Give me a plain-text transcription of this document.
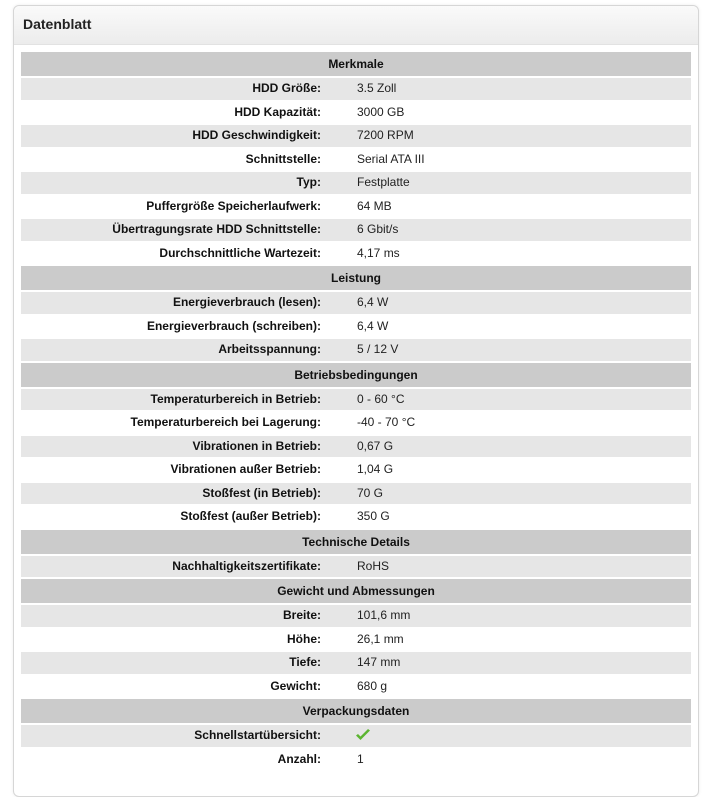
Datenblatt
Merkmale
HDD Größe:	3.5 Zoll
HDD Kapazität:	3000 GB
HDD Geschwindigkeit:	7200 RPM
Schnittstelle:	Serial ATA III
Typ:	Festplatte
Puffergröße Speicherlaufwerk:	64 MB
Übertragungsrate HDD Schnittstelle:	6 Gbit/s
Durchschnittliche Wartezeit:	4,17 ms
Leistung
Energieverbrauch (lesen):	6,4 W
Energieverbrauch (schreiben):	6,4 W
Arbeitsspannung:	5 / 12 V
Betriebsbedingungen
Temperaturbereich in Betrieb:	0 - 60 °C
Temperaturbereich bei Lagerung:	-40 - 70 °C
Vibrationen in Betrieb:	0,67 G
Vibrationen außer Betrieb:	1,04 G
Stoßfest (in Betrieb):	70 G
Stoßfest (außer Betrieb):	350 G
Technische Details
Nachhaltigkeitszertifikate:	RoHS
Gewicht und Abmessungen
Breite:	101,6 mm
Höhe:	26,1 mm
Tiefe:	147 mm
Gewicht:	680 g
Verpackungsdaten
Schnellstartübersicht:
Anzahl:	1
